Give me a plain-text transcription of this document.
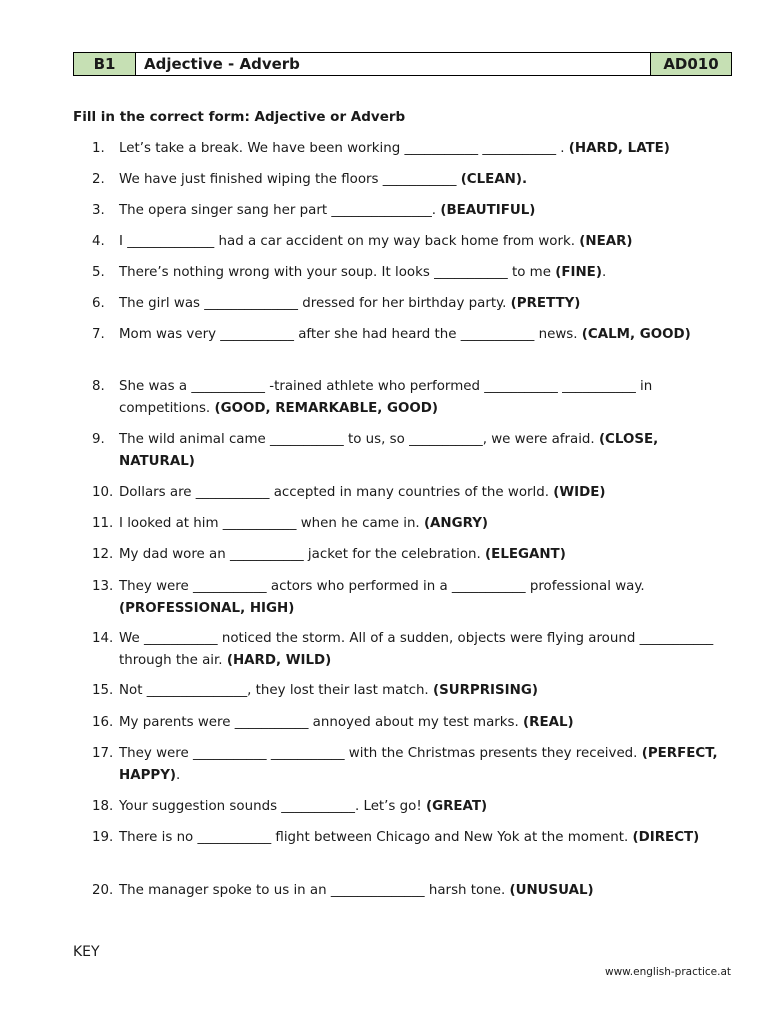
B1	Adjective - Adverb	AD010
Fill in the correct form: Adjective or Adverb
1.	Let’s take a break. We have been working ___________ ___________ . (HARD, LATE)
2.	We have just finished wiping the floors ___________ (CLEAN).
3.	The opera singer sang her part _______________. (BEAUTIFUL)
4.	I _____________ had a car accident on my way back home from work. (NEAR)
5.	There’s nothing wrong with your soup. It looks ___________ to me (FINE).
6.	The girl was ______________ dressed for her birthday party. (PRETTY)
7.	Mom was very ___________ after she had heard the ___________ news. (CALM, GOOD)
8.	She was a ___________ -trained athlete who performed ___________ ___________ in competitions. (GOOD, REMARKABLE, GOOD)
9.	The wild animal came ___________ to us, so ___________, we were afraid. (CLOSE, NATURAL)
10. Dollars are ___________ accepted in many countries of the world. (WIDE)
11. I looked at him ___________ when he came in. (ANGRY)
12. My dad wore an ___________ jacket for the celebration. (ELEGANT)
13. They were ___________ actors who performed in a ___________ professional way. (PROFESSIONAL, HIGH)
14. We ___________ noticed the storm. All of a sudden, objects were flying around ___________ through the air. (HARD, WILD)
15. Not _______________, they lost their last match. (SURPRISING)
16. My parents were ___________ annoyed about my test marks. (REAL)
17. They were ___________ ___________ with the Christmas presents they received. (PERFECT, HAPPY).
18. Your suggestion sounds ___________. Let’s go! (GREAT)
19. There is no ___________ flight between Chicago and New Yok at the moment. (DIRECT)
20. The manager spoke to us in an ______________ harsh tone. (UNUSUAL)
KEY
www.english-practice.at
